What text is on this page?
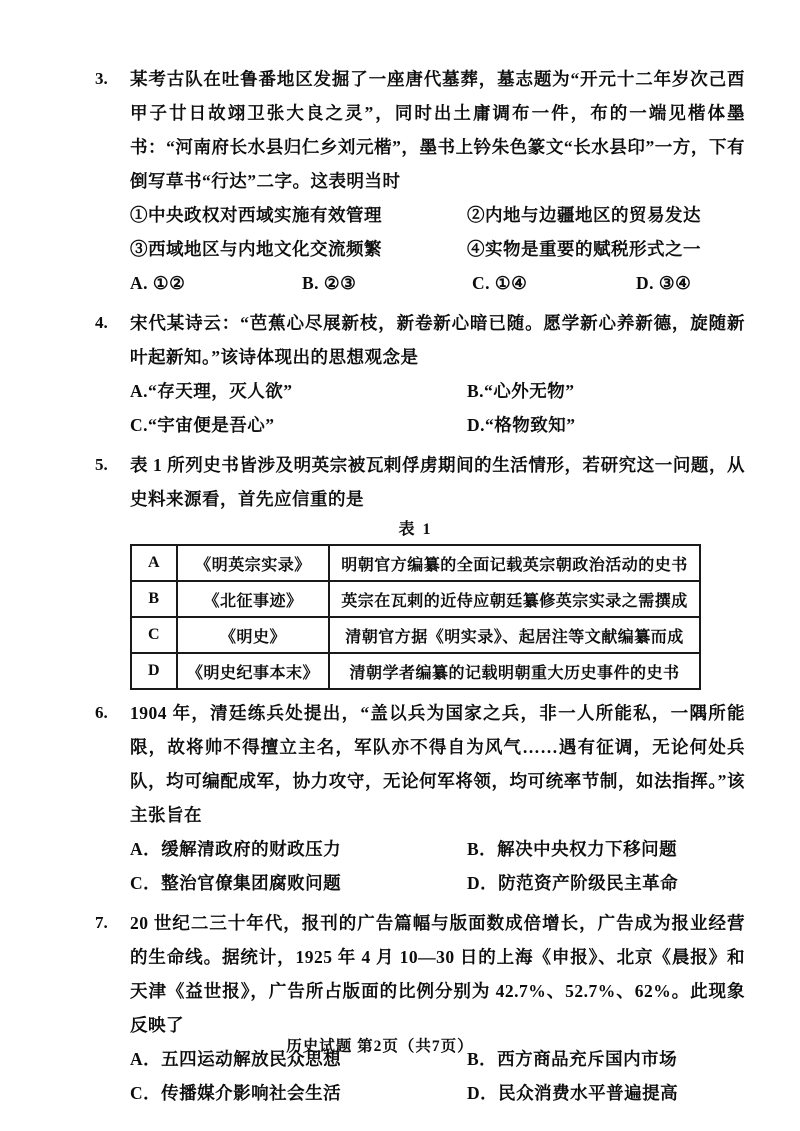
3.	某考古队在吐鲁番地区发掘了一座唐代墓葬，墓志题为“开元十二年岁次己酉甲子廿日故翊卫张大良之灵”，同时出土庸调布一件，布的一端见楷体墨书：“河南府长水县归仁乡刘元楷”，墨书上钤朱色篆文“长水县印”一方，下有倒写草书“行达”二字。这表明当时
①中央政权对西域实施有效管理	②内地与边疆地区的贸易发达
③西域地区与内地文化交流频繁	④实物是重要的赋税形式之一
A. ①②	B. ②③	C. ①④	D. ③④
4.	宋代某诗云：“芭蕉心尽展新枝，新卷新心暗已随。愿学新心养新德，旋随新叶起新知。”该诗体现出的思想观念是
A.“存天理，灭人欲”	B.“心外无物”
C.“宇宙便是吾心”	D.“格物致知”
5.	表 1 所列史书皆涉及明英宗被瓦剌俘虏期间的生活情形，若研究这一问题，从史料来源看，首先应信重的是
表 1
A	《明英宗实录》	明朝官方编纂的全面记载英宗朝政治活动的史书
B	《北征事迹》	英宗在瓦剌的近侍应朝廷纂修英宗实录之需撰成
C	《明史》	清朝官方据《明实录》、起居注等文献编纂而成
D	《明史纪事本末》	清朝学者编纂的记载明朝重大历史事件的史书
6.	1904 年，清廷练兵处提出，“盖以兵为国家之兵，非一人所能私，一隅所能限，故将帅不得擅立主名，军队亦不得自为风气……遇有征调，无论何处兵队，均可编配成军，协力攻守，无论何军将领，均可统率节制，如法指挥。”该主张旨在
A．缓解清政府的财政压力	B．解决中央权力下移问题
C．整治官僚集团腐败问题	D．防范资产阶级民主革命
7.	20 世纪二三十年代，报刊的广告篇幅与版面数成倍增长，广告成为报业经营的生命线。据统计，1925 年 4 月 10—30 日的上海《申报》、北京《晨报》和天津《益世报》，广告所占版面的比例分别为 42.7%、52.7%、62%。此现象反映了
A．五四运动解放民众思想	B．西方商品充斥国内市场
C．传播媒介影响社会生活	D．民众消费水平普遍提高
历史试题 第2页（共7页）
